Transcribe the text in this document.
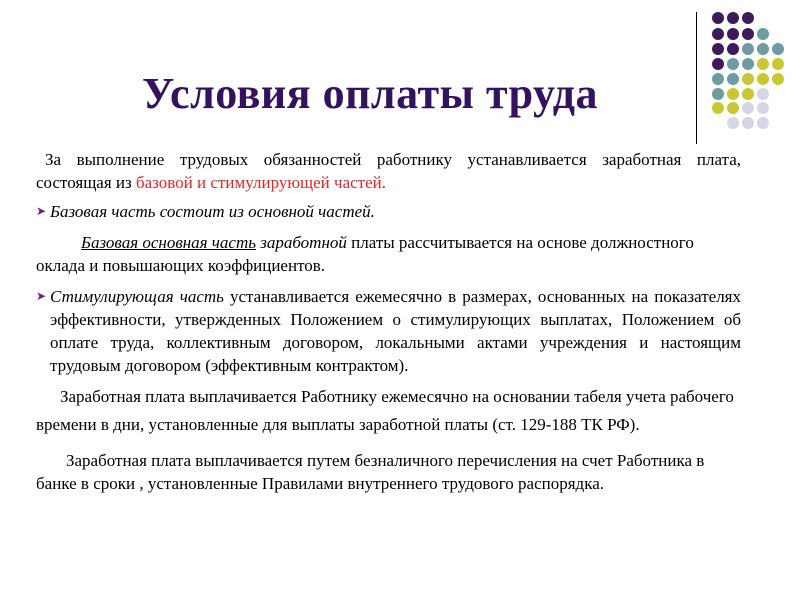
Условия оплаты труда

За выполнение трудовых обязанностей работнику устанавливается заработная плата, состоящая из базовой и стимулирующей частей.

➤ Базовая часть состоит из основной частей.

Базовая основная часть заработной платы рассчитывается на основе должностного оклада и повышающих коэффициентов.

➤ Стимулирующая часть устанавливается ежемесячно в размерах, основанных на показателях эффективности, утвержденных Положением о стимулирующих выплатах, Положением об оплате труда, коллективным договором, локальными актами учреждения и настоящим трудовым договором (эффективным контрактом).

Заработная плата выплачивается Работнику ежемесячно на основании табеля учета рабочего времени в дни, установленные для выплаты заработной платы (ст. 129-188 ТК РФ).

Заработная плата выплачивается путем безналичного перечисления на счет Работника в банке в сроки , установленные Правилами внутреннего трудового распорядка.
